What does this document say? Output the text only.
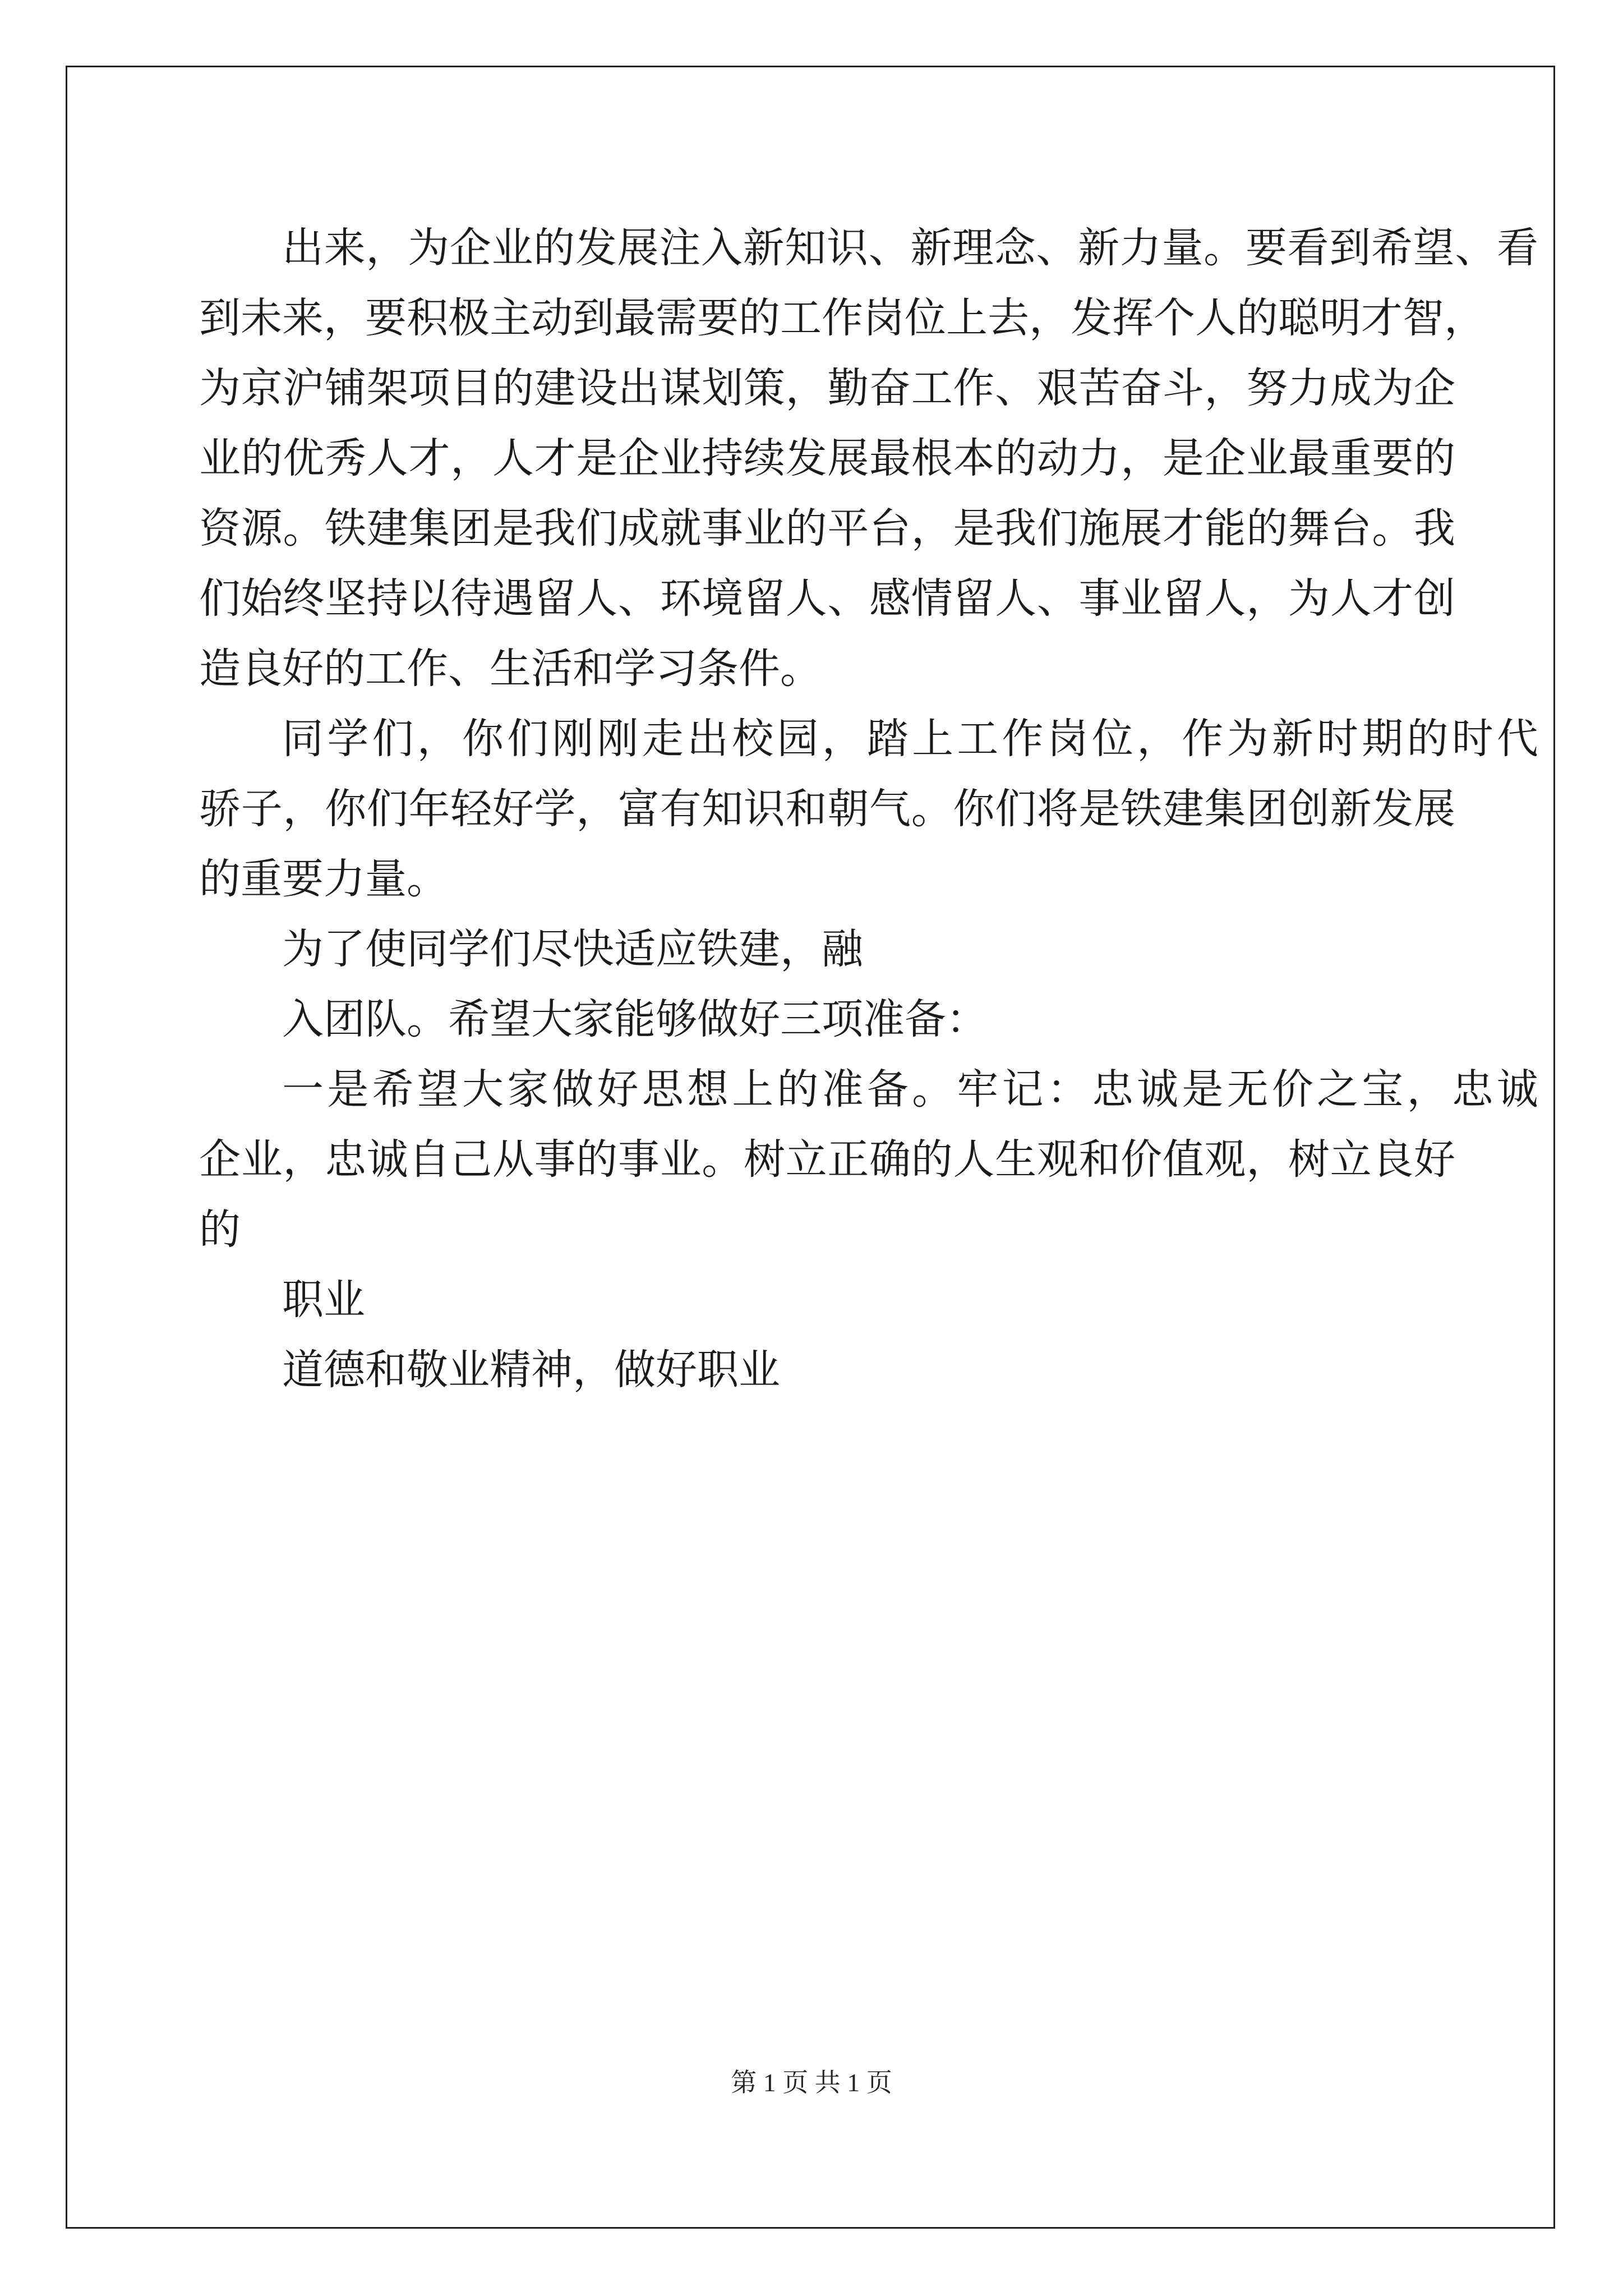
出 来 ， 为 企 业 的 发 展 注 入 新 知 识 、 新 理 念 、 新 力 量 。 要 看 到 希 望 、 看
到 未 来 ， 要 积 极 主 动 到 最 需 要 的 工 作 岗 位 上 去 ， 发 挥 个 人 的 聪 明 才 智 ，
为 京 沪 铺 架 项 目 的 建 设 出 谋 划 策 ， 勤 奋 工 作 、 艰 苦 奋 斗 ， 努 力 成 为 企
业 的 优 秀 人 才 ， 人 才 是 企 业 持 续 发 展 最 根 本 的 动 力 ， 是 企 业 最 重 要 的
资 源 。 铁 建 集 团 是 我 们 成 就 事 业 的 平 台 ， 是 我 们 施 展 才 能 的 舞 台 。 我
们 始 终 坚 持 以 待 遇 留 人 、 环 境 留 人 、 感 情 留 人 、 事 业 留 人 ， 为 人 才 创
造良好的工作、生活和学习条件。
同 学 们 ， 你 们 刚 刚 走 出 校 园 ， 踏 上 工 作 岗 位 ， 作 为 新 时 期 的 时 代
骄 子 ， 你 们 年 轻 好 学 ， 富 有 知 识 和 朝 气 。 你 们 将 是 铁 建 集 团 创 新 发 展
的重要力量。
为了使同学们尽快适应铁建，融
入团队。希望大家能够做好三项准备：
一 是 希 望 大 家 做 好 思 想 上 的 准 备 。 牢 记 ： 忠 诚 是 无 价 之 宝 ， 忠 诚
企 业 ， 忠 诚 自 己 从 事 的 事 业 。 树 立 正 确 的 人 生 观 和 价 值 观 ， 树 立 良 好
的
职业
道德和敬业精神，做好职业
第 1 页 共 1 页
